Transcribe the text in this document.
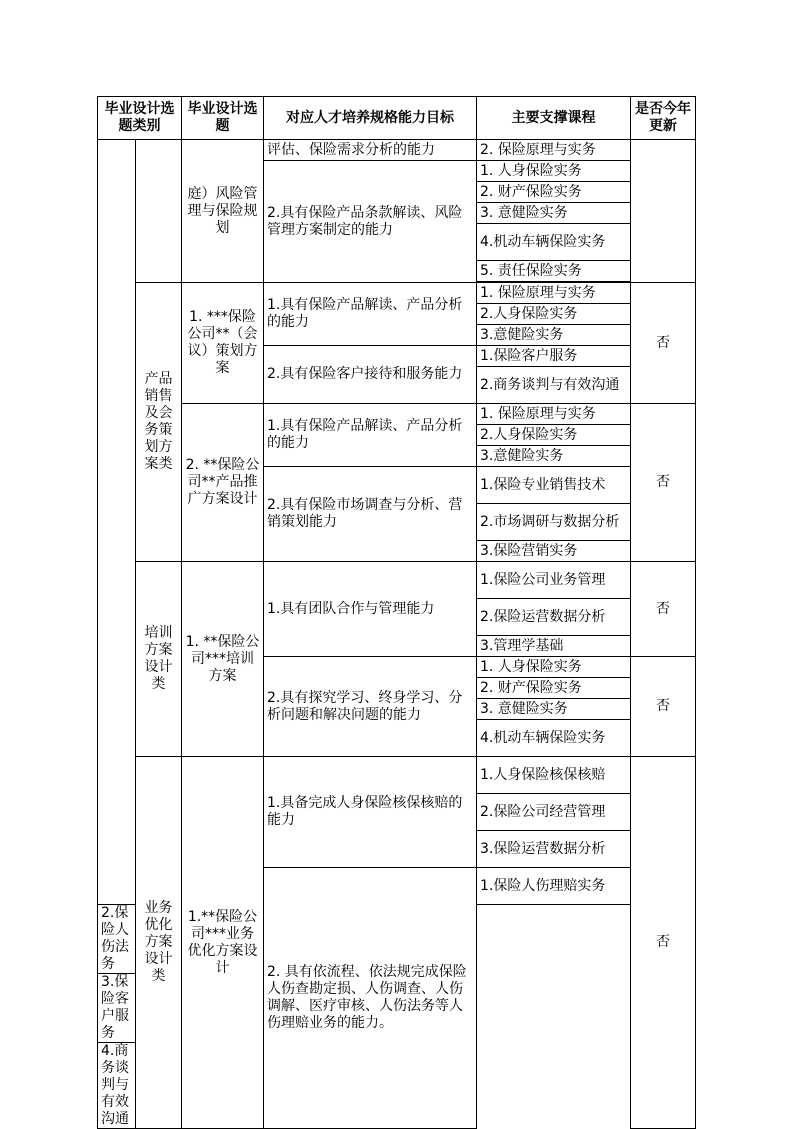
毕业设计选题类别		毕业设计选题	对应人才培养规格能力目标	主要支撑课程	是否今年更新
		庭）风险管理与保险规划	评估、保险需求分析的能力	2. 保险原理与实务	
			2.具有保险产品条款解读、风险管理方案制定的能力	1. 人身保险实务	
				2. 财产保险实务	
				3. 意健险实务	
				4.机动车辆保险实务	
				5. 责任保险实务	

	产品销售及会务策划方案类	1. ***保险公司**（会议）策划方案	1.具有保险产品解读、产品分析的能力	1. 保险原理与实务	否
				2.人身保险实务	
				3.意健险实务	
			2.具有保险客户接待和服务能力	1.保险客户服务	
				2.商务谈判与有效沟通	
		2. **保险公司**产品推广方案设计	1.具有保险产品解读、产品分析的能力	1. 保险原理与实务	否
				2.人身保险实务	
				3.意健险实务	
			2.具有保险市场调查与分析、营销策划能力	1.保险专业销售技术	
				2.市场调研与数据分析	
				3.保险营销实务	
	培训方案设计类	1. **保险公司***培训方案	1.具有团队合作与管理能力	1.保险公司业务管理	否
				2.保险运营数据分析	
				3.管理学基础	
			2.具有探究学习、终身学习、分析问题和解决问题的能力	1. 人身保险实务	否
				2. 财产保险实务	
				3. 意健险实务	
				4.机动车辆保险实务	
	业务优化方案设计类	1.**保险公司***业务优化方案设计	1.具备完成人身保险核保核赔的能力	1.人身保险核保核赔	否
				2.保险公司经营管理	
				3.保险运营数据分析	
			2. 具有依流程、依法规完成保险人伤查勘定损、人伤调查、人伤调解、医疗审核、人伤法务等人伤理赔业务的能力。	1.保险人伤理赔实务	
2.保险人伤法务					
3.保险客户服务					
4.商务谈判与有效沟通					
